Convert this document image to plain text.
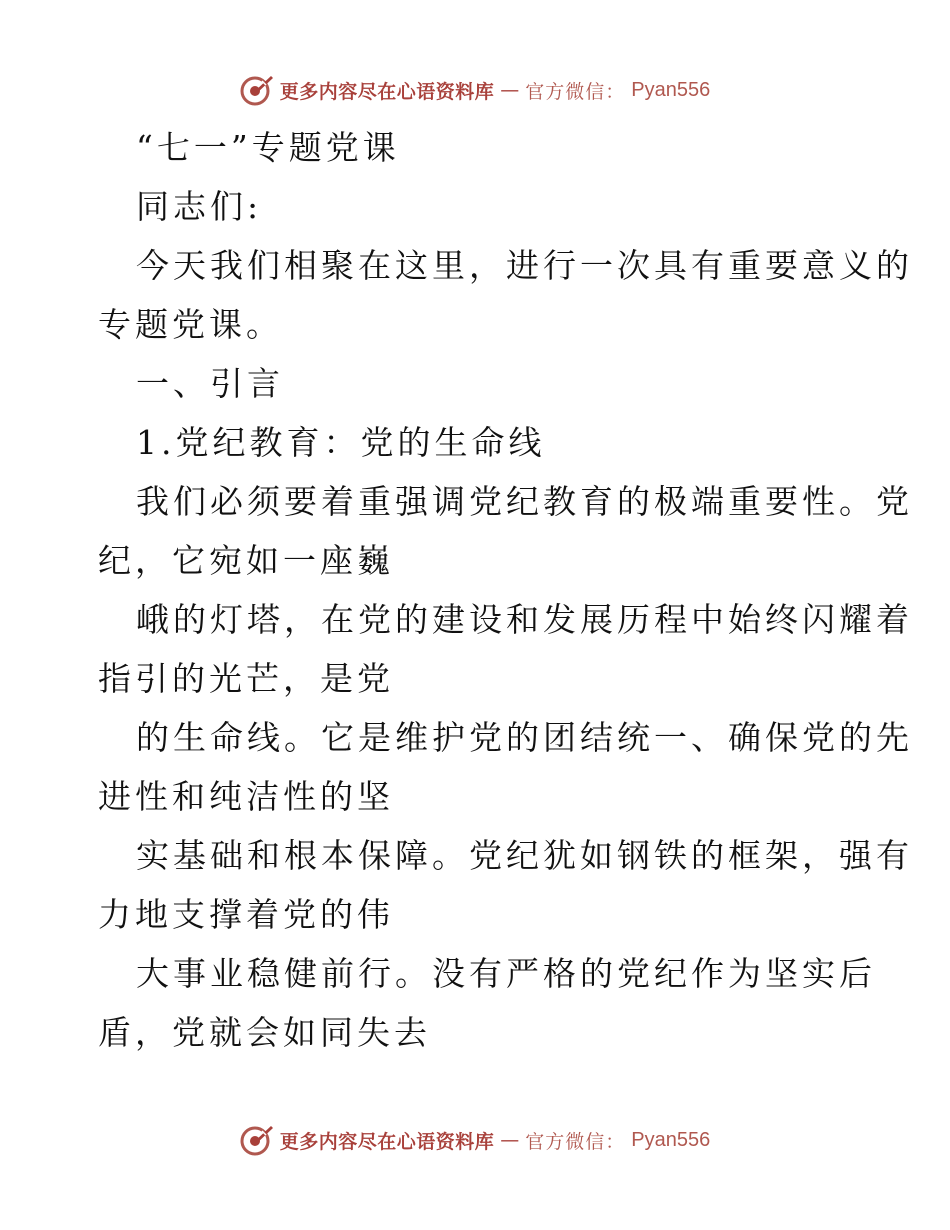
更多内容尽在心语资料库 — 官方微信： Pyan556
“七一”专题党课
同志们:
今天我们相聚在这里，进行一次具有重要意义的
专题党课。
一、引言
1.党纪教育：党的生命线
我们必须要着重强调党纪教育的极端重要性。党
纪，它宛如一座巍
峨的灯塔，在党的建设和发展历程中始终闪耀着
指引的光芒，是党
的生命线。它是维护党的团结统一、确保党的先
进性和纯洁性的坚
实基础和根本保障。党纪犹如钢铁的框架，强有
力地支撑着党的伟
大事业稳健前行。没有严格的党纪作为坚实后
盾，党就会如同失去
更多内容尽在心语资料库 — 官方微信： Pyan556
